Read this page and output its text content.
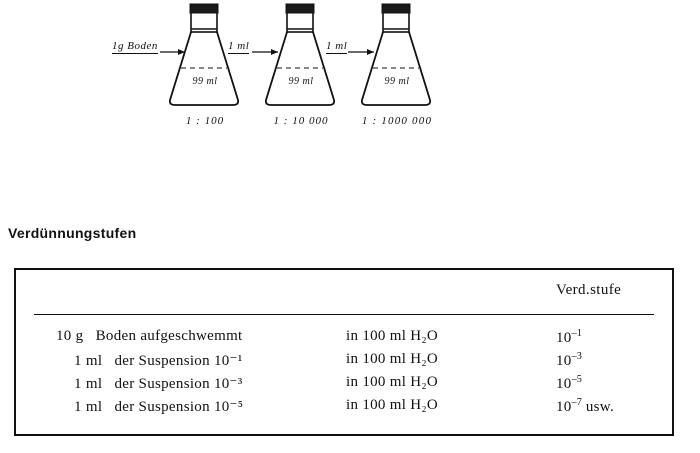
1g Boden	1 ml	1 ml
99 ml
1 : 100
99 ml
1 : 10 000
99 ml
1 : 1000 000
Verdünnungstufen
Verd.stufe
10 g Boden aufgeschwemmt	in 100 ml H₂O	$10^{-1}$
1 ml der Suspension 10⁻¹	in 100 ml H₂O	$10^{-3}$
1 ml der Suspension 10⁻³	in 100 ml H₂O	$10^{-5}$
1 ml der Suspension 10⁻⁵	in 100 ml H₂O	$10^{-7}$ usw.
